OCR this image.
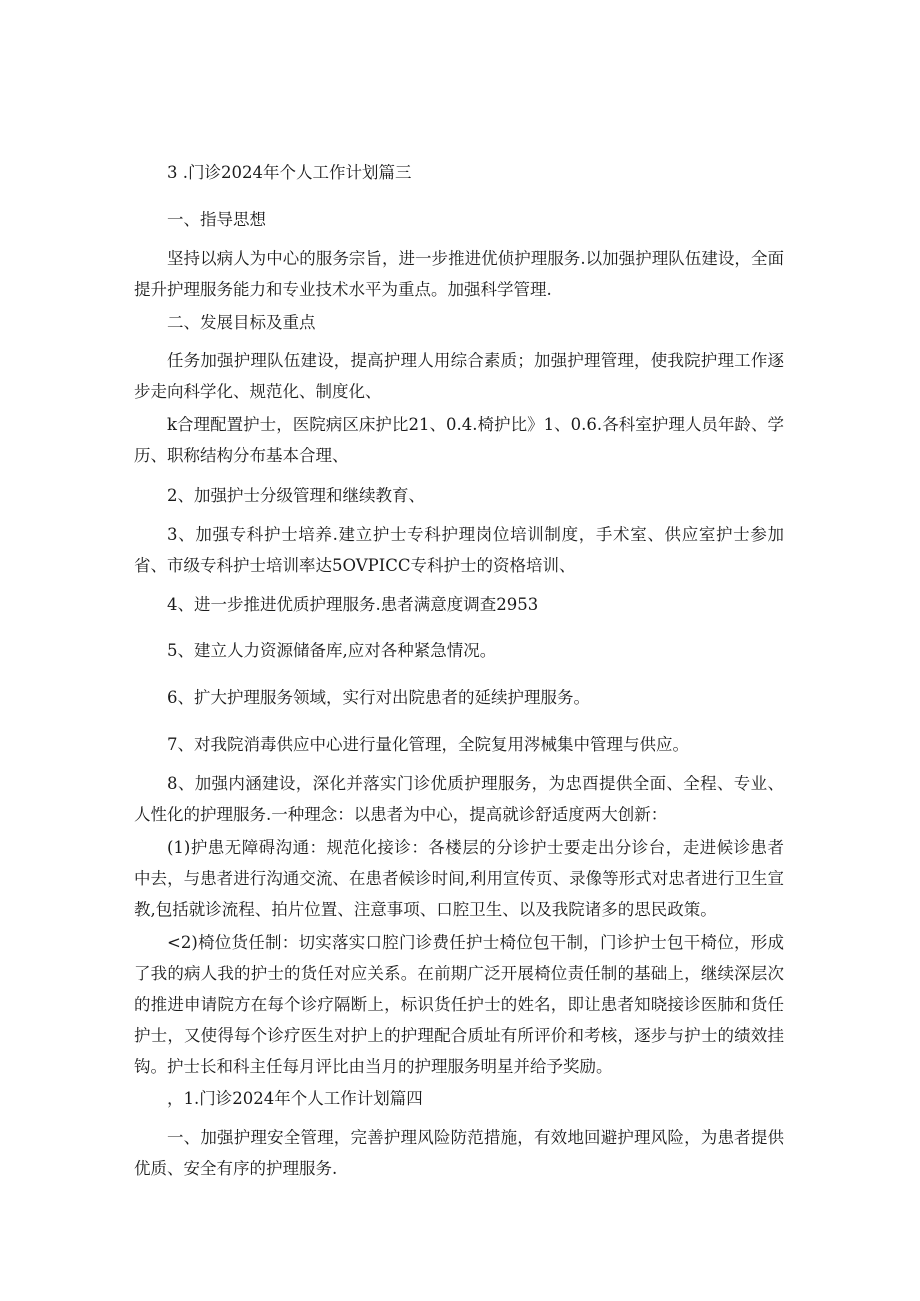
3 .门诊2024年个人工作计划篇三

一、指导思想

坚持以病人为中心的服务宗旨，进一步推进优侦护理服务.以加强护理队伍建设，全面提升护理服务能力和专业技术水平为重点。加强科学管理.

二、发展目标及重点

任务加强护理队伍建设，提高护理人用综合素质；加强护理管理，使我院护理工作逐步走向科学化、规范化、制度化、

k合理配置护士，医院病区床护比21、0.4.椅护比》1、0.6.各科室护理人员年龄、学历、职称结构分布基本合理、

2、加强护士分级管理和继续教育、

3、加强专科护士培养.建立护士专科护理岗位培训制度，手术室、供应室护士参加省、市级专科护士培训率达5OVPICC专科护士的资格培训、

4、进一步推进优质护理服务.患者满意度调查2953

5、建立人力资源储备库,应对各种紧急情况。

6、扩大护理服务领域，实行对出院患者的延续护理服务。

7、对我院消毒供应中心进行量化管理，全院复用涔械集中管理与供应。

8、加强内涵建设，深化并落实门诊优质护理服务，为忠酉提供全面、全程、专业、人性化的护理服务.一种理念：以患者为中心，提高就诊舒适度两大创新：

(1)护患无障碍沟通：规范化接诊：各楼层的分诊护士要走出分诊台，走进候诊患者中去，与患者进行沟通交流、在患者候诊时间,利用宣传页、录像等形式对忠者进行卫生宣教,包括就诊流程、拍片位置、注意事项、口腔卫生、以及我院诸多的思民政策。

<2)椅位货任制：切实落实口腔门诊费任护士椅位包干制，门诊护士包干椅位，形成了我的病人我的护士的货任对应关系。在前期广泛开展椅位责任制的基础上，继续深层次的推进申请院方在每个诊疗隔断上，标识货任护士的姓名，即让患者知晓接诊医肺和货任护士，又使得每个诊疗医生对护上的护理配合质址有所评价和考核，逐步与护士的绩效挂钩。护士长和科主任每月评比由当月的护理服务明星并给予奖励。

，1.门诊2024年个人工作计划篇四

一、加强护理安全管理，完善护理风险防范措施，有效地回避护理风险，为患者提供优质、安全有序的护理服务.
